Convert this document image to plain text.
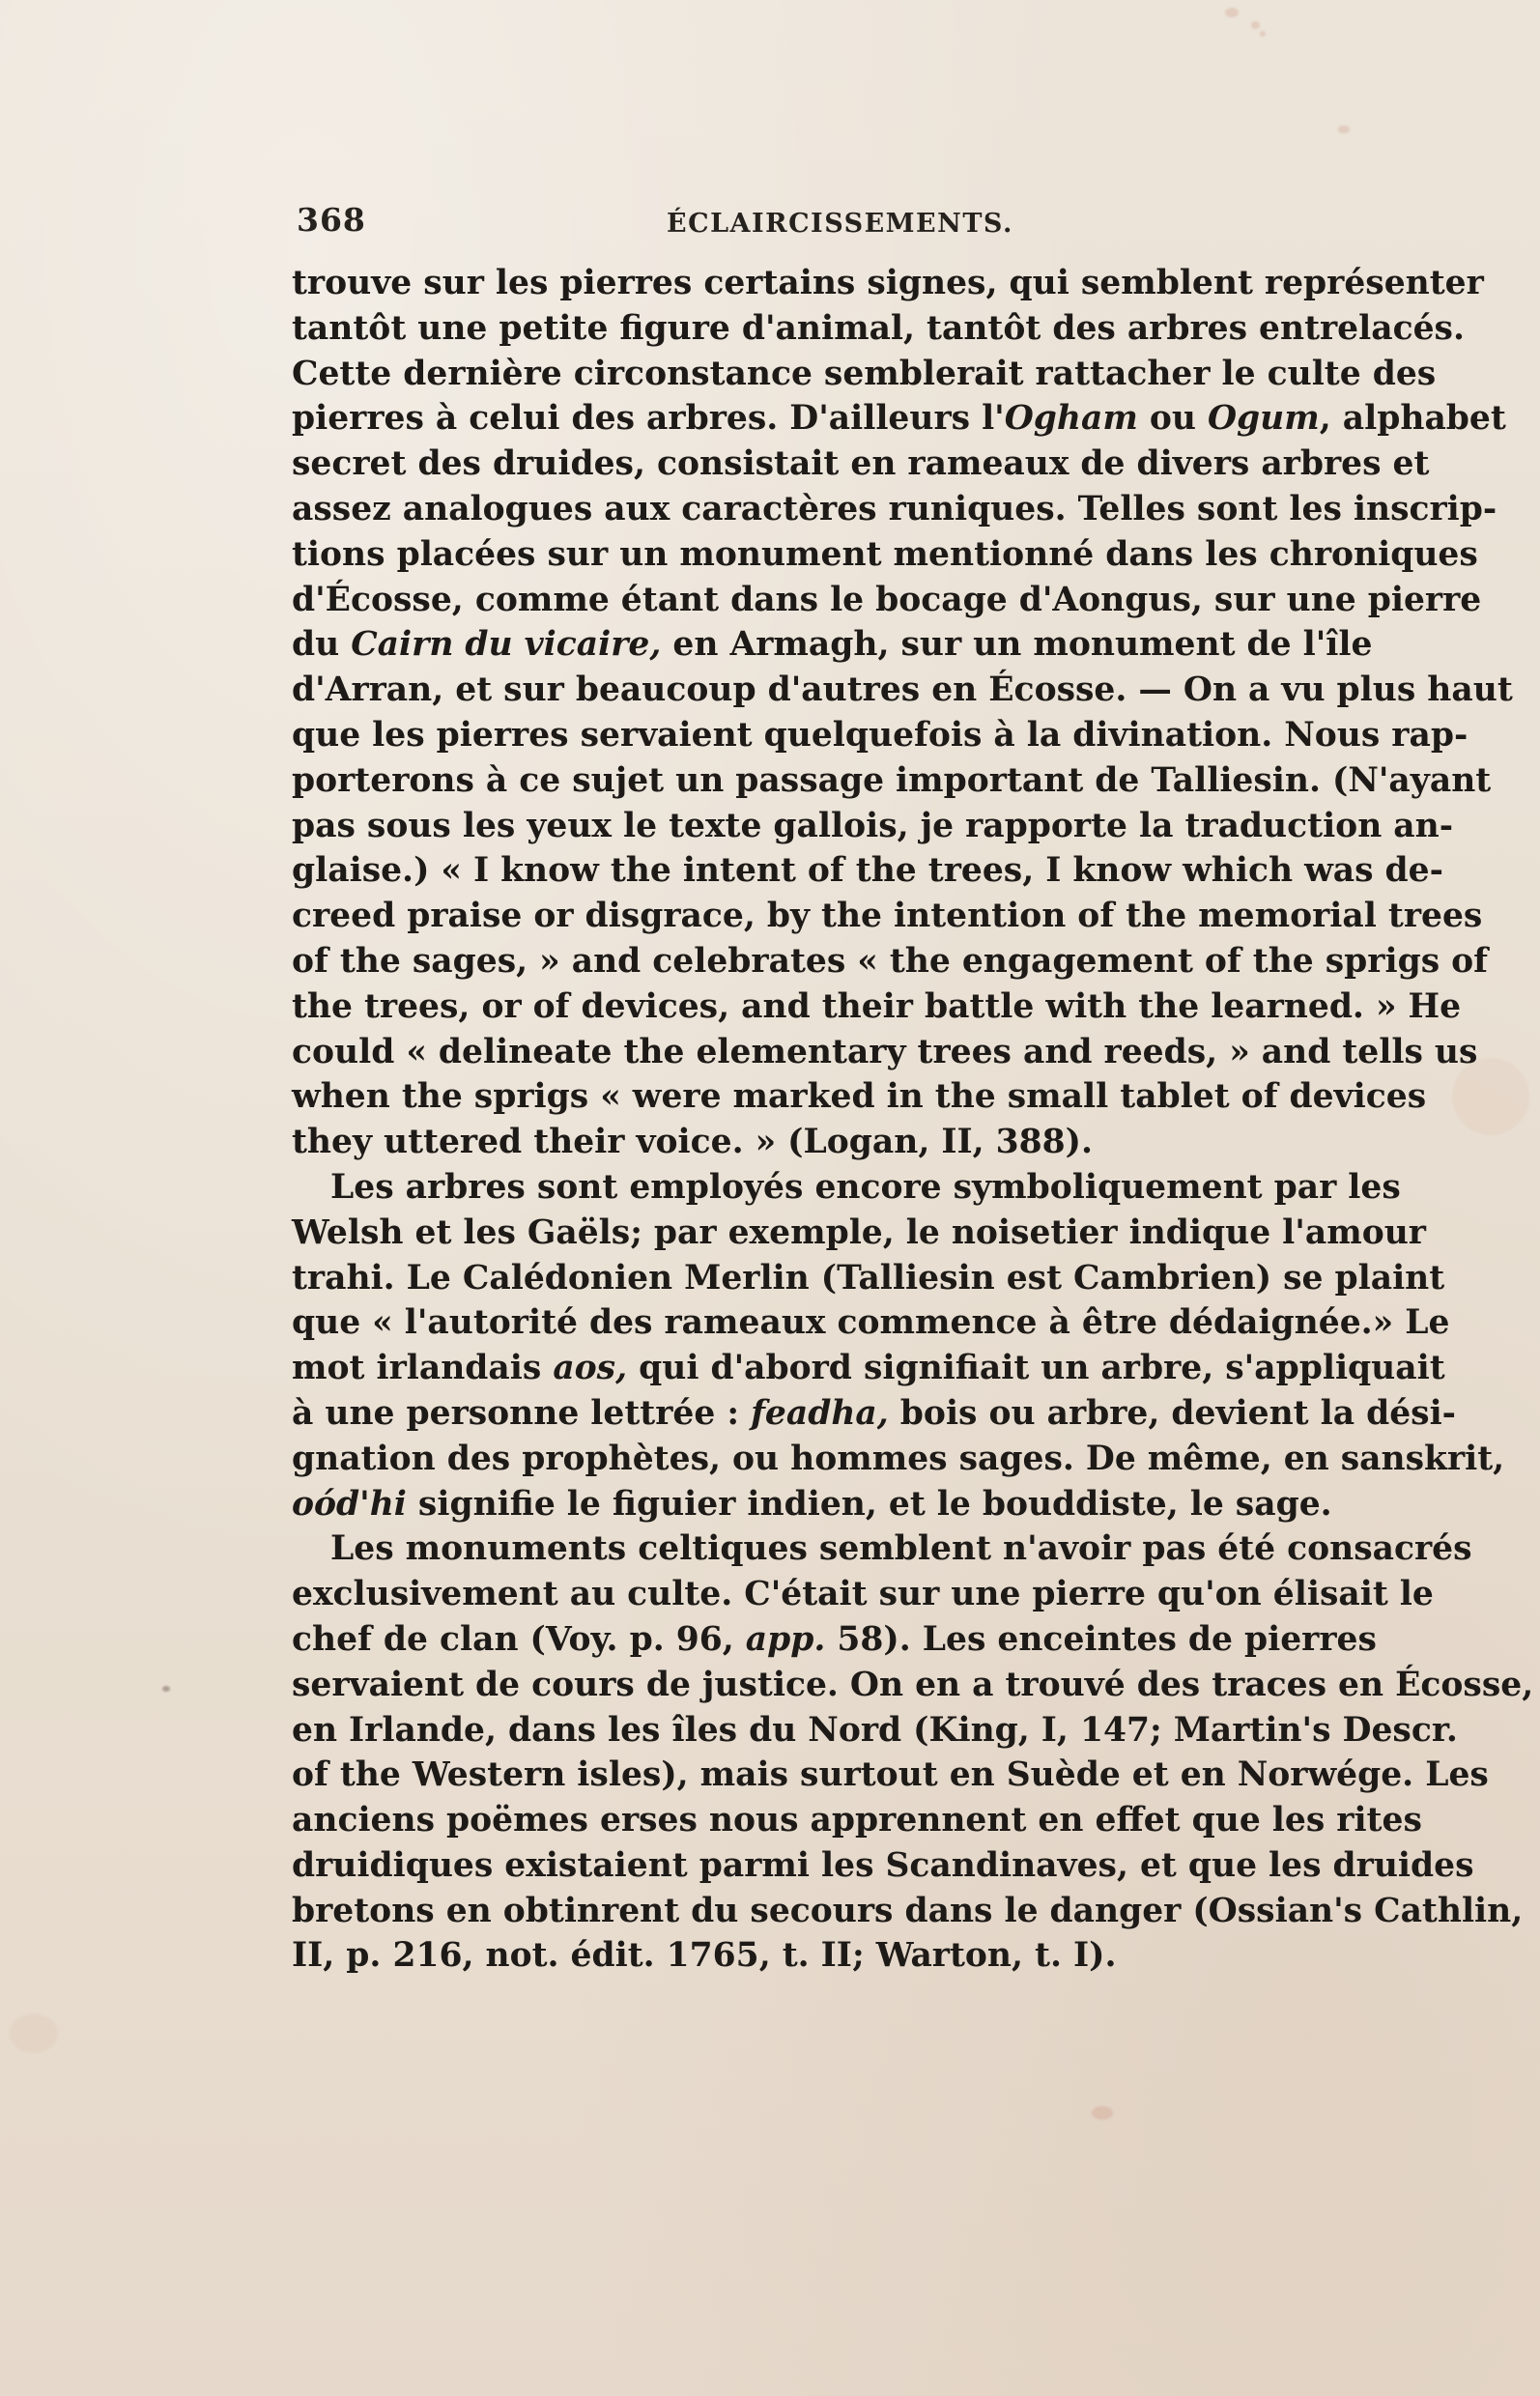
368	ÉCLAIRCISSEMENTS.
trouve sur les pierres certains signes, qui semblent représenter
tantôt une petite figure d'animal, tantôt des arbres entrelacés.
Cette dernière circonstance semblerait rattacher le culte des
pierres à celui des arbres. D'ailleurs l'Ogham ou Ogum, alphabet
secret des druides, consistait en rameaux de divers arbres et
assez analogues aux caractères runiques. Telles sont les inscrip-
tions placées sur un monument mentionné dans les chroniques
d'Écosse, comme étant dans le bocage d'Aongus, sur une pierre
du Cairn du vicaire, en Armagh, sur un monument de l'île
d'Arran, et sur beaucoup d'autres en Écosse. — On a vu plus haut
que les pierres servaient quelquefois à la divination. Nous rap-
porterons à ce sujet un passage important de Talliesin. (N'ayant
pas sous les yeux le texte gallois, je rapporte la traduction an-
glaise.) « I know the intent of the trees, I know which was de-
creed praise or disgrace, by the intention of the memorial trees
of the sages, » and celebrates « the engagement of the sprigs of
the trees, or of devices, and their battle with the learned. » He
could « delineate the elementary trees and reeds, » and tells us
when the sprigs « were marked in the small tablet of devices
they uttered their voice. » (Logan, II, 388).
Les arbres sont employés encore symboliquement par les
Welsh et les Gaëls; par exemple, le noisetier indique l'amour
trahi. Le Calédonien Merlin (Talliesin est Cambrien) se plaint
que « l'autorité des rameaux commence à être dédaignée.» Le
mot irlandais aos, qui d'abord signifiait un arbre, s'appliquait
à une personne lettrée : feadha, bois ou arbre, devient la dési-
gnation des prophètes, ou hommes sages. De même, en sanskrit,
oód'hi signifie le figuier indien, et le bouddiste, le sage.
Les monuments celtiques semblent n'avoir pas été consacrés
exclusivement au culte. C'était sur une pierre qu'on élisait le
chef de clan (Voy. p. 96, app. 58). Les enceintes de pierres
servaient de cours de justice. On en a trouvé des traces en Écosse,
en Irlande, dans les îles du Nord (King, I, 147; Martin's Descr.
of the Western isles), mais surtout en Suède et en Norwége. Les
anciens poëmes erses nous apprennent en effet que les rites
druidiques existaient parmi les Scandinaves, et que les druides
bretons en obtinrent du secours dans le danger (Ossian's Cathlin,
II, p. 216, not. édit. 1765, t. II; Warton, t. I).
